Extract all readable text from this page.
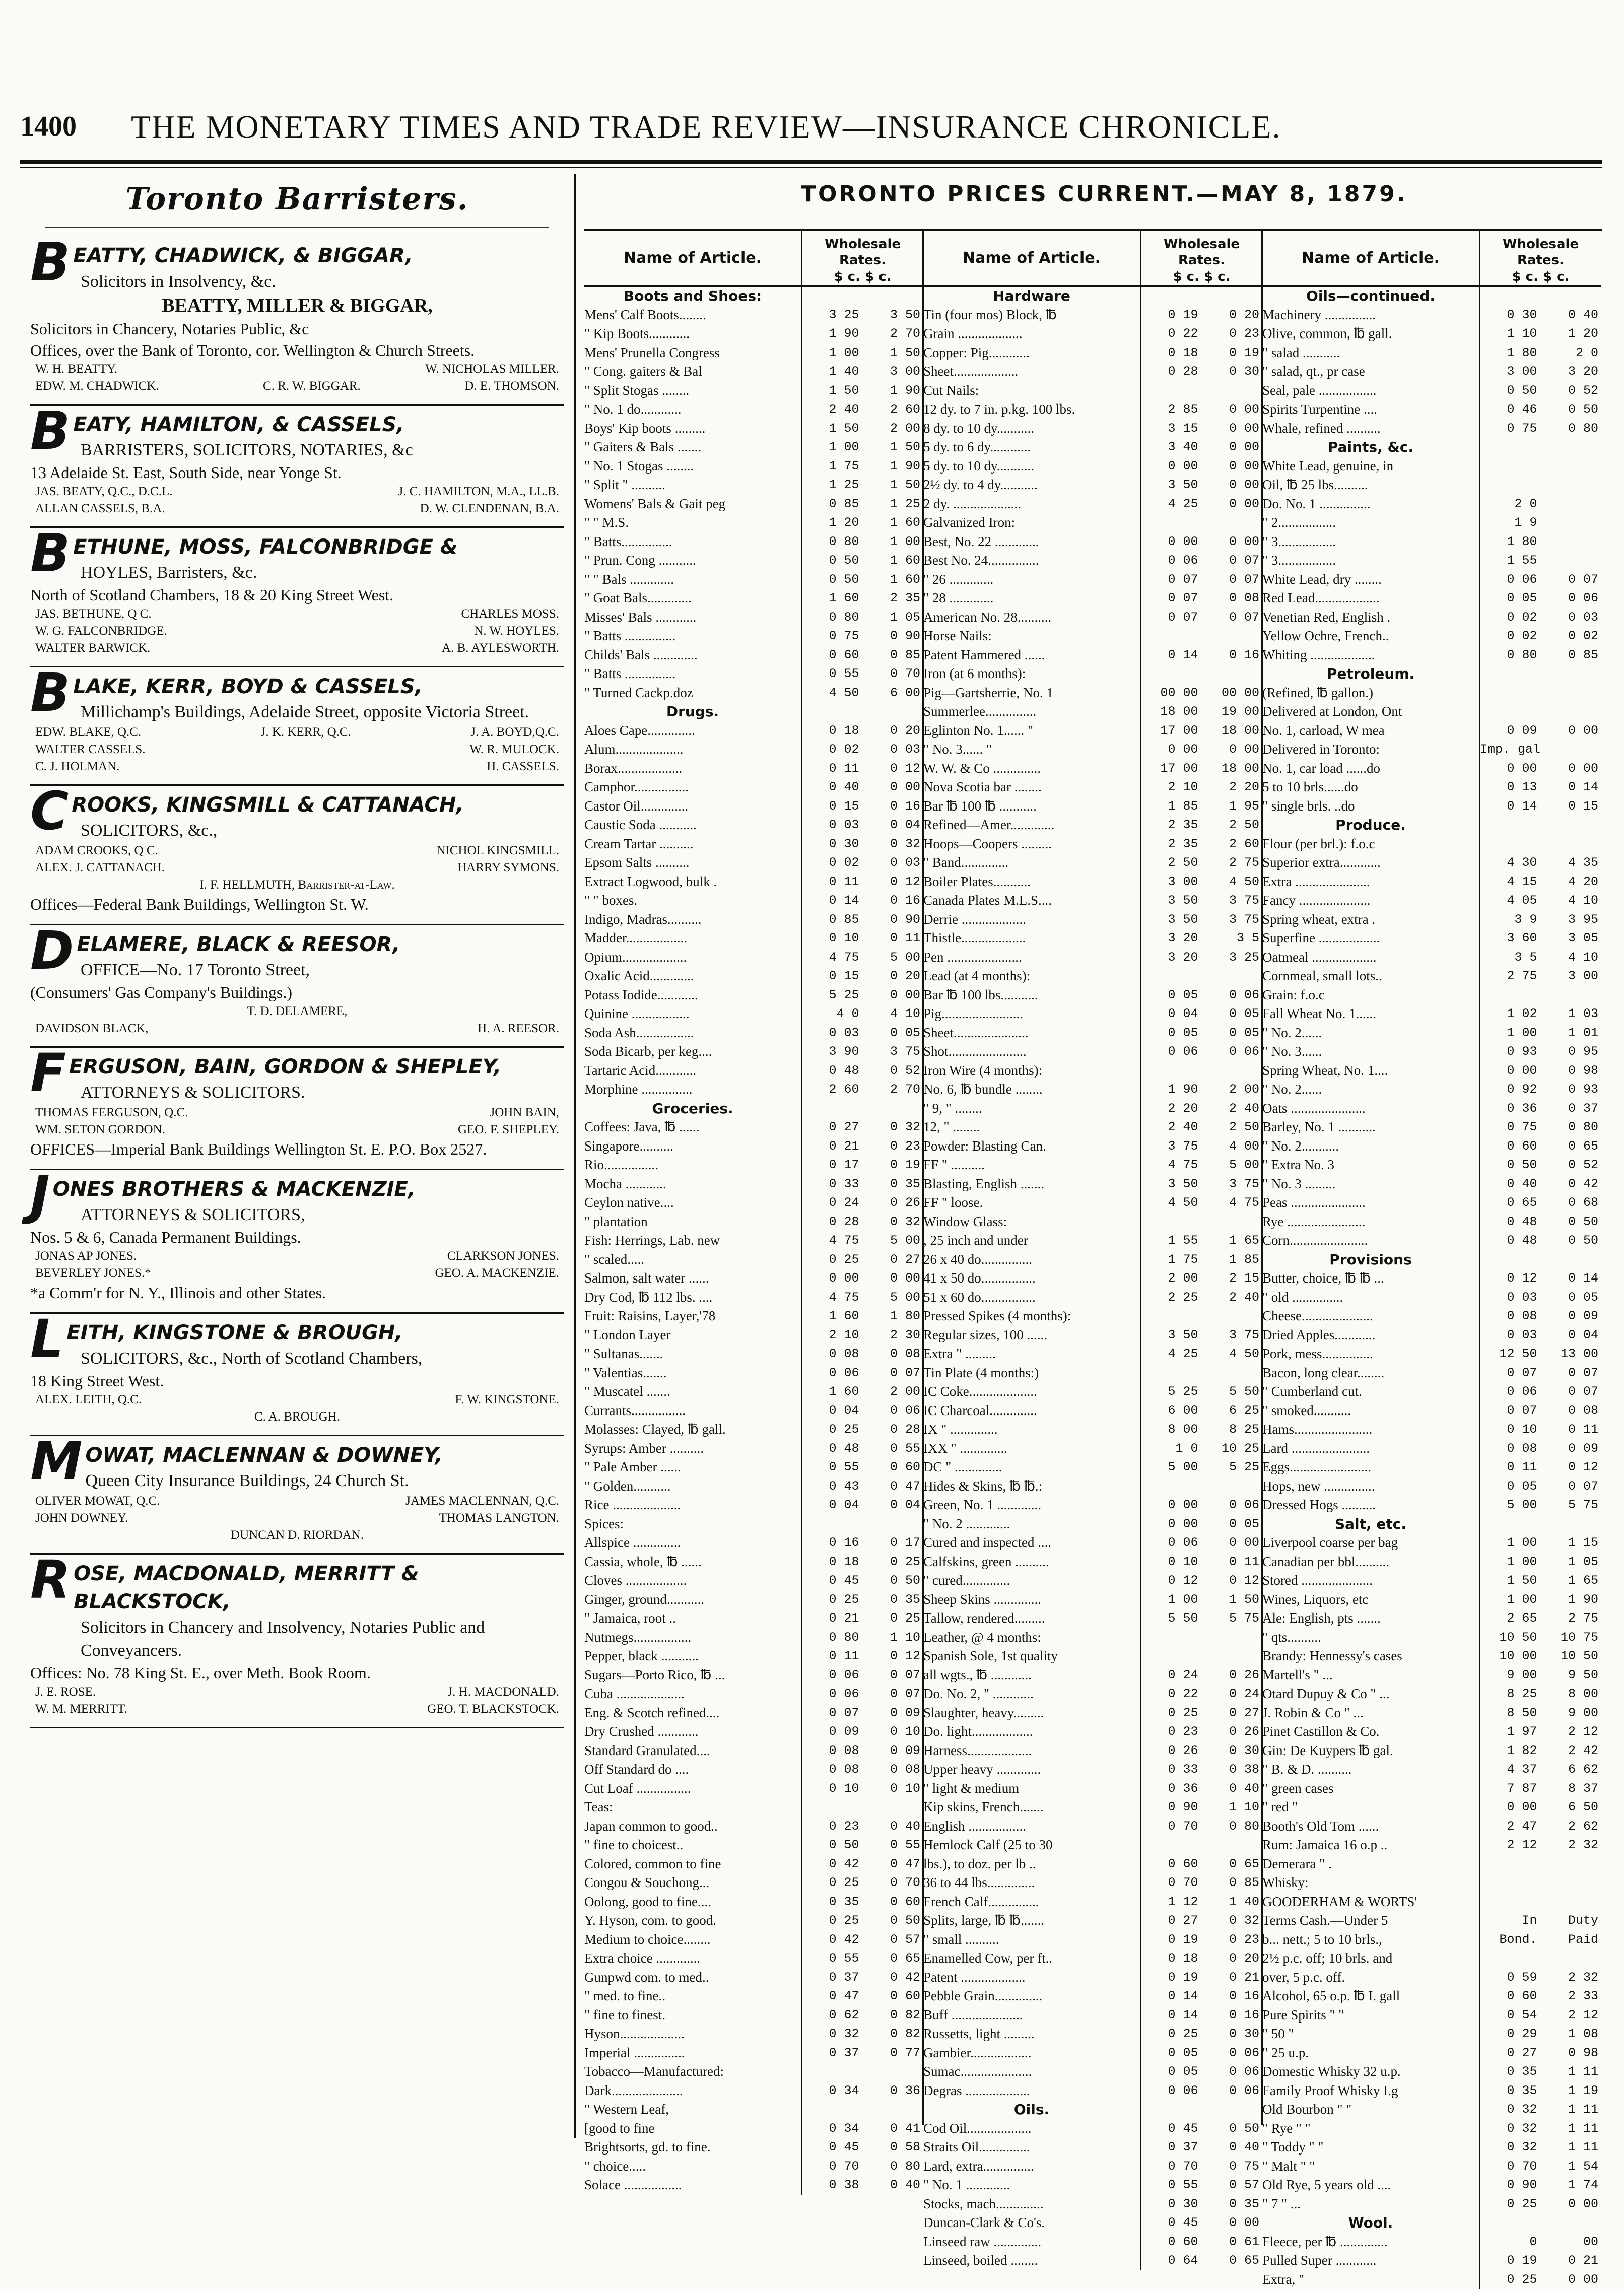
1400 THE MONETARY TIMES AND TRADE REVIEW—INSURANCE CHRONICLE.
Toronto Barristers.
BEATTY, CHADWICK, & BIGGAR,
Solicitors in Insolvency, &c.
BEATTY, MILLER & BIGGAR,
Solicitors in Chancery, Notaries Public, &c
Offices, over the Bank of Toronto, cor. Wellington & Church Streets.
W. H. BEATTY.	W. NICHOLAS MILLER.
EDW. M. CHADWICK.	C. R. W. BIGGAR.	D. E. THOMSON.
BEATY, HAMILTON, & CASSELS,
BARRISTERS, SOLICITORS, NOTARIES, &c
13 Adelaide St. East, South Side, near Yonge St.
JAS. BEATY, Q.C., D.C.L.	J. C. HAMILTON, M.A., LL.B.
ALLAN CASSELS, B.A.	D. W. CLENDENAN, B.A.
BETHUNE, MOSS, FALCONBRIDGE &
HOYLES, Barristers, &c.
North of Scotland Chambers, 18 & 20 King Street West.
JAS. BETHUNE, Q C.	CHARLES MOSS.
W. G. FALCONBRIDGE.	N. W. HOYLES.
WALTER BARWICK.	A. B. AYLESWORTH.
BLAKE, KERR, BOYD & CASSELS,
Millichamp's Buildings, Adelaide Street, opposite Victoria Street.
EDW. BLAKE, Q.C.	J. K. KERR, Q.C.	J. A. BOYD,Q.C.
WALTER CASSELS.	W. R. MULOCK.
C. J. HOLMAN.	H. CASSELS.
CROOKS, KINGSMILL & CATTANACH,
SOLICITORS, &c.,
ADAM CROOKS, Q C.	NICHOL KINGSMILL.
ALEX. J. CATTANACH.	HARRY SYMONS.
I. F. HELLMUTH, Barrister-at-Law.
Offices—Federal Bank Buildings, Wellington St. W.
DELAMERE, BLACK & REESOR,
OFFICE—No. 17 Toronto Street,
(Consumers' Gas Company's Buildings.)
T. D. DELAMERE,
DAVIDSON BLACK,	H. A. REESOR.
FERGUSON, BAIN, GORDON & SHEPLEY,
ATTORNEYS & SOLICITORS.
THOMAS FERGUSON, Q.C.	JOHN BAIN,
WM. SETON GORDON.	GEO. F. SHEPLEY.
OFFICES—Imperial Bank Buildings Wellington St. E. P.O. Box 2527.
JONES BROTHERS & MACKENZIE,
ATTORNEYS & SOLICITORS,
Nos. 5 & 6, Canada Permanent Buildings.
JONAS AP JONES.	CLARKSON JONES.
BEVERLEY JONES.*	GEO. A. MACKENZIE.
*a Comm'r for N. Y., Illinois and other States.
LEITH, KINGSTONE & BROUGH,
SOLICITORS, &c., North of Scotland Chambers,
18 King Street West.
ALEX. LEITH, Q.C.	F. W. KINGSTONE.
C. A. BROUGH.
MOWAT, MACLENNAN & DOWNEY,
Queen City Insurance Buildings, 24 Church St.
OLIVER MOWAT, Q.C.	JAMES MACLENNAN, Q.C.
JOHN DOWNEY.	THOMAS LANGTON.
DUNCAN D. RIORDAN.
ROSE, MACDONALD, MERRITT & BLACKSTOCK,
Solicitors in Chancery and Insolvency, Notaries Public and Conveyancers.
Offices: No. 78 King St. E., over Meth. Book Room.
J. E. ROSE.	J. H. MACDONALD.
W. M. MERRITT.	GEO. T. BLACKSTOCK.
TORONTO PRICES CURRENT.—MAY 8, 1879.
Name of Article.
Wholesale Rates.
$ c. $ c.
Boots and Shoes:
Mens' Calf Boots........	3 25	3 50
" Kip Boots............	1 90	2 70
Mens' Prunella Congress	1 00	1 50
" Cong. gaiters & Bal	1 40	3 00
" Split Stogas ........	1 50	1 90
" No. 1 do............	2 40	2 60
Boys' Kip boots .........	1 50	2 00
" Gaiters & Bals .......	1 00	1 50
" No. 1 Stogas ........	1 75	1 90
" Split " ..........	1 25	1 50
Womens' Bals & Gait peg	0 85	1 25
" " M.S.	1 20	1 60
" Batts...............	0 80	1 00
" Prun. Cong ...........	0 50	1 60
" " Bals .............	0 50	1 60
" Goat Bals.............	1 60	2 35
Misses' Bals ............	0 80	1 05
" Batts ...............	0 75	0 90
Childs' Bals .............	0 60	0 85
" Batts ...............	0 55	0 70
" Turned Cackp.doz	4 50	6 00
Drugs.
Aloes Cape..............	0 18	0 20
Alum....................	0 02	0 03
Borax...................	0 11	0 12
Camphor................	0 40	0 00
Castor Oil..............	0 15	0 16
Caustic Soda ...........	0 03	0 04
Cream Tartar ..........	0 30	0 32
Epsom Salts ..........	0 02	0 03
Extract Logwood, bulk .	0 11	0 12
" " boxes.	0 14	0 16
Indigo, Madras..........	0 85	0 90
Madder..................	0 10	0 11
Opium...................	4 75	5 00
Oxalic Acid.............	0 15	0 20
Potass Iodide............	5 25	0 00
Quinine .................	4 0	4 10
Soda Ash.................	0 03	0 05
Soda Bicarb, per keg....	3 90	3 75
Tartaric Acid............	0 48	0 52
Morphine ...............	2 60	2 70
Groceries.
Coffees: Java, ℔ ......	0 27	0 32
Singapore..........	0 21	0 23
Rio................	0 17	0 19
Mocha ............	0 33	0 35
Ceylon native....	0 24	0 26
" plantation	0 28	0 32
Fish: Herrings, Lab. new	4 75	5 00
" scaled.....	0 25	0 27
Salmon, salt water ......	0 00	0 00
Dry Cod, ℔ 112 lbs. ....	4 75	5 00
Fruit: Raisins, Layer,'78	1 60	1 80
" London Layer	2 10	2 30
" Sultanas.......	0 08	0 08
" Valentias.......	0 06	0 07
" Muscatel .......	1 60	2 00
Currants................	0 04	0 06
Molasses: Clayed, ℔ gall.	0 25	0 28
Syrups: Amber ..........	0 48	0 55
" Pale Amber ......	0 55	0 60
" Golden...........	0 43	0 47
Rice ....................	0 04	0 04
Spices:
Allspice ..............	0 16	0 17
Cassia, whole, ℔ ......	0 18	0 25
Cloves ..................	0 45	0 50
Ginger, ground...........	0 25	0 35
" Jamaica, root ..	0 21	0 25
Nutmegs.................	0 80	1 10
Pepper, black ...........	0 11	0 12
Sugars—Porto Rico, ℔ ...	0 06	0 07
Cuba ....................	0 06	0 07
Eng. & Scotch refined....	0 07	0 09
Dry Crushed ............	0 09	0 10
Standard Granulated....	0 08	0 09
Off Standard do ....	0 08	0 08
Cut Loaf ................	0 10	0 10
Teas:
Japan common to good..	0 23	0 40
" fine to choicest..	0 50	0 55
Colored, common to fine	0 42	0 47
Congou & Souchong...	0 25	0 70
Oolong, good to fine....	0 35	0 60
Y. Hyson, com. to good.	0 25	0 50
Medium to choice........	0 42	0 57
Extra choice .............	0 55	0 65
Gunpwd com. to med..	0 37	0 42
" med. to fine..	0 47	0 60
" fine to finest.	0 62	0 82
Hyson...................	0 32	0 82
Imperial ...............	0 37	0 77
Tobacco—Manufactured:
Dark.....................	0 34	0 36
" Western Leaf,
[good to fine	0 34	0 41
Brightsorts, gd. to fine.	0 45	0 58
" choice.....	0 70	0 80
Solace .................	0 38	0 40
Name of Article.
Wholesale Rates.
$ c. $ c.
Hardware
Tin (four mos) Block, ℔	0 19	0 20
Grain ...................	0 22	0 23
Copper: Pig............	0 18	0 19
Sheet...................	0 28	0 30
Cut Nails:
12 dy. to 7 in. p.kg. 100 lbs.	2 85	0 00
8 dy. to 10 dy...........	3 15	0 00
5 dy. to 6 dy............	3 40	0 00
5 dy. to 10 dy...........	0 00	0 00
2½ dy. to 4 dy...........	3 50	0 00
2 dy. ....................	4 25	0 00
Galvanized Iron:
Best, No. 22 .............	0 00	0 00
Best No. 24...............	0 06	0 07
" 26 .............	0 07	0 07
" 28 .............	0 07	0 08
American No. 28..........	0 07	0 07
Horse Nails:
Patent Hammered ......	0 14	0 16
Iron (at 6 months):
Pig—Gartsherrie, No. 1	00 00	00 00
Summerlee...............	18 00	19 00
Eglinton No. 1...... "	17 00	18 00
" No. 3...... "	0 00	0 00
W. W. & Co ..............	17 00	18 00
Nova Scotia bar ........	2 10	2 20
Bar ℔ 100 ℔ ...........	1 85	1 95
Refined—Amer.............	2 35	2 50
Hoops—Coopers .........	2 35	2 60
" Band..............	2 50	2 75
Boiler Plates...........	3 00	4 50
Canada Plates M.L.S....	3 50	3 75
Derrie ...................	3 50	3 75
Thistle...................	3 20	3 5
Pen ......................	3 20	3 25
Lead (at 4 months):
Bar ℔ 100 lbs...........	0 05	0 06
Pig........................	0 04	0 05
Sheet......................	0 05	0 05
Shot.......................	0 06	0 06
Iron Wire (4 months):
No. 6, ℔ bundle ........	1 90	2 00
" 9, " ........	2 20	2 40
12, " ........	2 40	2 50
Powder: Blasting Can.	3 75	4 00
FF " ..........	4 75	5 00
Blasting, English .......	3 50	3 75
FF " loose.	4 50	4 75
Window Glass:
, 25 inch and under	1 55	1 65
26 x 40 do...............	1 75	1 85
41 x 50 do................	2 00	2 15
51 x 60 do................	2 25	2 40
Pressed Spikes (4 months):
Regular sizes, 100 ......	3 50	3 75
Extra " .........	4 25	4 50
Tin Plate (4 months:)
IC Coke....................	5 25	5 50
IC Charcoal..............	6 00	6 25
IX " ..............	8 00	8 25
IXX " ..............	1 0	10 25
DC " ..............	5 00	5 25
Hides & Skins, ℔ ℔.:
Green, No. 1 .............	0 00	0 06
" No. 2 .............	0 00	0 05
Cured and inspected ....	0 06	0 00
Calfskins, green ..........	0 10	0 11
" cured..............	0 12	0 12
Sheep Skins ..............	1 00	1 50
Tallow, rendered.........	5 50	5 75
Leather, @ 4 months:
Spanish Sole, 1st quality
all wgts., ℔ ............	0 24	0 26
Do. No. 2, " ............	0 22	0 24
Slaughter, heavy.........	0 25	0 27
Do. light..................	0 23	0 26
Harness...................	0 26	0 30
Upper heavy .............	0 33	0 38
" light & medium	0 36	0 40
Kip skins, French.......	0 90	1 10
English .................	0 70	0 80
Hemlock Calf (25 to 30
lbs.), to doz. per lb ..	0 60	0 65
36 to 44 lbs..............	0 70	0 85
French Calf...............	1 12	1 40
Splits, large, ℔ ℔.......	0 27	0 32
" small ..........	0 19	0 23
Enamelled Cow, per ft..	0 18	0 20
Patent ...................	0 19	0 21
Pebble Grain..............	0 14	0 16
Buff .....................	0 14	0 16
Russetts, light .........	0 25	0 30
Gambier..................	0 05	0 06
Sumac.....................	0 05	0 06
Degras ...................	0 06	0 06
Oils.
Cod Oil...................	0 45	0 50
Straits Oil...............	0 37	0 40
Lard, extra...............	0 70	0 75
" No. 1 .............	0 55	0 57
Stocks, mach..............	0 30	0 35
Duncan-Clark & Co's.	0 45	0 00
Linseed raw ..............	0 60	0 61
Linseed, boiled ........	0 64	0 65
Name of Article.
Wholesale Rates.
$ c. $ c.
Oils—continued.
Machinery ...............	0 30	0 40
Olive, common, ℔ gall.	1 10	1 20
" salad ...........	1 80	2 0
" salad, qt., pr case	3 00	3 20
Seal, pale .................	0 50	0 52
Spirits Turpentine ....	0 46	0 50
Whale, refined ..........	0 75	0 80
Paints, &c.
White Lead, genuine, in
Oil, ℔ 25 lbs..........
Do. No. 1 ...............	2 0
" 2.................	1 9
" 3.................	1 80
" 3.................	1 55
White Lead, dry ........	0 06	0 07
Red Lead...................	0 05	0 06
Venetian Red, English .	0 02	0 03
Yellow Ochre, French..	0 02	0 02
Whiting ...................	0 80	0 85
Petroleum.
(Refined, ℔ gallon.)
Delivered at London, Ont
No. 1, carload, W mea	0 09	0 00
Delivered in Toronto:	Imp. gal
No. 1, car load ......do	0 00	0 00
5 to 10 brls......do	0 13	0 14
" single brls. ..do	0 14	0 15
Produce.
Flour (per brl.): f.o.c
Superior extra............	4 30	4 35
Extra ......................	4 15	4 20
Fancy .....................	4 05	4 10
Spring wheat, extra .	3 9	3 95
Superfine ..................	3 60	3 05
Oatmeal ...................	3 5	4 10
Cornmeal, small lots..	2 75	3 00
Grain: f.o.c
Fall Wheat No. 1......	1 02	1 03
" No. 2......	1 00	1 01
" No. 3......	0 93	0 95
Spring Wheat, No. 1....	0 00	0 98
" No. 2......	0 92	0 93
Oats ......................	0 36	0 37
Barley, No. 1 ...........	0 75	0 80
" No. 2...........	0 60	0 65
" Extra No. 3	0 50	0 52
" No. 3 .........	0 40	0 42
Peas ......................	0 65	0 68
Rye .......................	0 48	0 50
Corn.......................	0 48	0 50
Provisions
Butter, choice, ℔ ℔ ...	0 12	0 14
" old ...............	0 03	0 05
Cheese.....................	0 08	0 09
Dried Apples............	0 03	0 04
Pork, mess...............	12 50	13 00
Bacon, long clear........	0 07	0 07
" Cumberland cut.	0 06	0 07
" smoked...........	0 07	0 08
Hams.......................	0 10	0 11
Lard .......................	0 08	0 09
Eggs........................	0 11	0 12
Hops, new ...............	0 05	0 07
Dressed Hogs ..........	5 00	5 75
Salt, etc.
Liverpool coarse per bag	1 00	1 15
Canadian per bbl..........	1 00	1 05
Stored .....................	1 50	1 65
Wines, Liquors, etc	1 00	1 90
Ale: English, pts .......	2 65	2 75
" qts..........	10 50	10 75
Brandy: Hennessy's cases	10 00	10 50
Martell's " ...	9 00	9 50
Otard Dupuy & Co " ...	8 25	8 00
J. Robin & Co " ...	8 50	9 00
Pinet Castillon & Co.	1 97	2 12
Gin: De Kuypers ℔ gal.	1 82	2 42
" B. & D. ..........	4 37	6 62
" green cases	7 87	8 37
" red "	0 00	6 50
Booth's Old Tom ......	2 47	2 62
Rum: Jamaica 16 o.p ..	2 12	2 32
Demerara " .
Whisky:
GOODERHAM & WORTS'
Terms Cash.—Under 5	In	Duty
b... nett.; 5 to 10 brls.,	Bond.	Paid
2½ p.c. off; 10 brls. and
over, 5 p.c. off.	0 59	2 32
Alcohol, 65 o.p. ℔ I. gall	0 60	2 33
Pure Spirits " "	0 54	2 12
" 50 "	0 29	1 08
" 25 u.p.	0 27	0 98
Domestic Whisky 32 u.p.	0 35	1 11
Family Proof Whisky I.g	0 35	1 19
Old Bourbon " "	0 32	1 11
" Rye " "	0 32	1 11
" Toddy " "	0 32	1 11
" Malt " "	0 70	1 54
Old Rye, 5 years old ....	0 90	1 74
" 7 " ...	0 25	0 00
Wool.
Fleece, per ℔ ..............	0	00
Pulled Super ............	0 19	0 21
Extra, "	0 25	0 00
